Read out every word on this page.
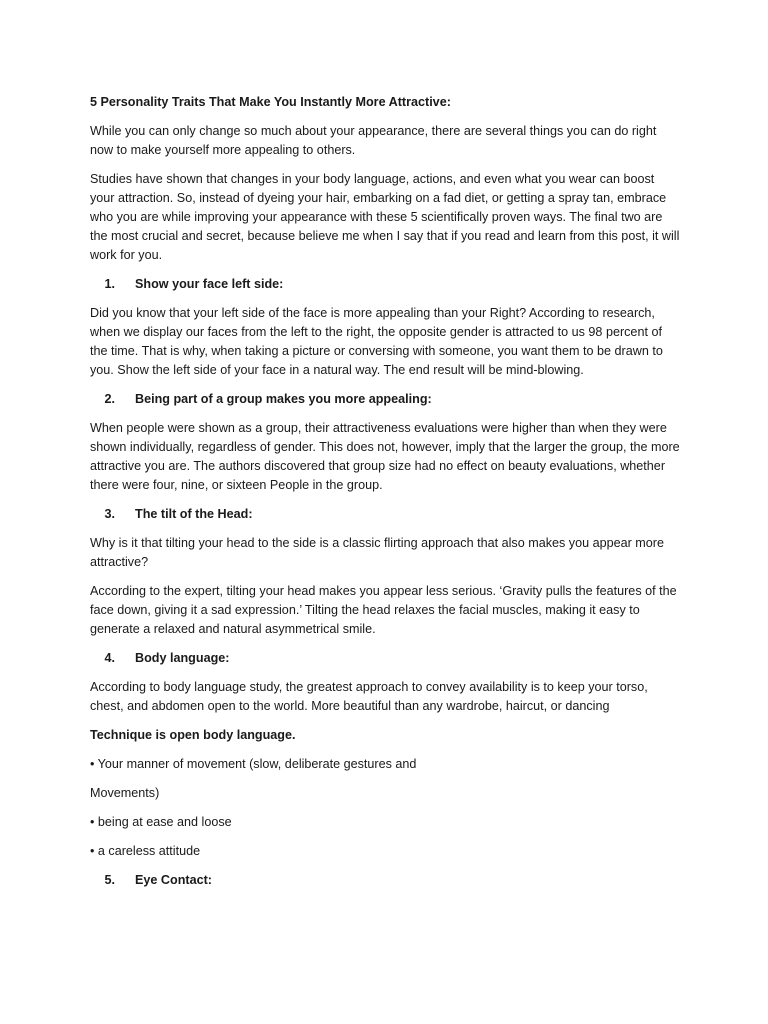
5 Personality Traits That Make You Instantly More Attractive:

While you can only change so much about your appearance, there are several things you can do right now to make yourself more appealing to others.

Studies have shown that changes in your body language, actions, and even what you wear can boost your attraction. So, instead of dyeing your hair, embarking on a fad diet, or getting a spray tan, embrace who you are while improving your appearance with these 5 scientifically proven ways. The final two are the most crucial and secret, because believe me when I say that if you read and learn from this post, it will work for you.

1. Show your face left side:

Did you know that your left side of the face is more appealing than your Right? According to research, when we display our faces from the left to the right, the opposite gender is attracted to us 98 percent of the time. That is why, when taking a picture or conversing with someone, you want them to be drawn to you. Show the left side of your face in a natural way. The end result will be mind-blowing.

2. Being part of a group makes you more appealing:

When people were shown as a group, their attractiveness evaluations were higher than when they were shown individually, regardless of gender. This does not, however, imply that the larger the group, the more attractive you are. The authors discovered that group size had no effect on beauty evaluations, whether there were four, nine, or sixteen People in the group.

3. The tilt of the Head:

Why is it that tilting your head to the side is a classic flirting approach that also makes you appear more attractive?

According to the expert, tilting your head makes you appear less serious. ‘Gravity pulls the features of the face down, giving it a sad expression.’ Tilting the head relaxes the facial muscles, making it easy to generate a relaxed and natural asymmetrical smile.

4. Body language:

According to body language study, the greatest approach to convey availability is to keep your torso, chest, and abdomen open to the world. More beautiful than any wardrobe, haircut, or dancing

Technique is open body language.

• Your manner of movement (slow, deliberate gestures and

Movements)

• being at ease and loose

• a careless attitude

5. Eye Contact:
